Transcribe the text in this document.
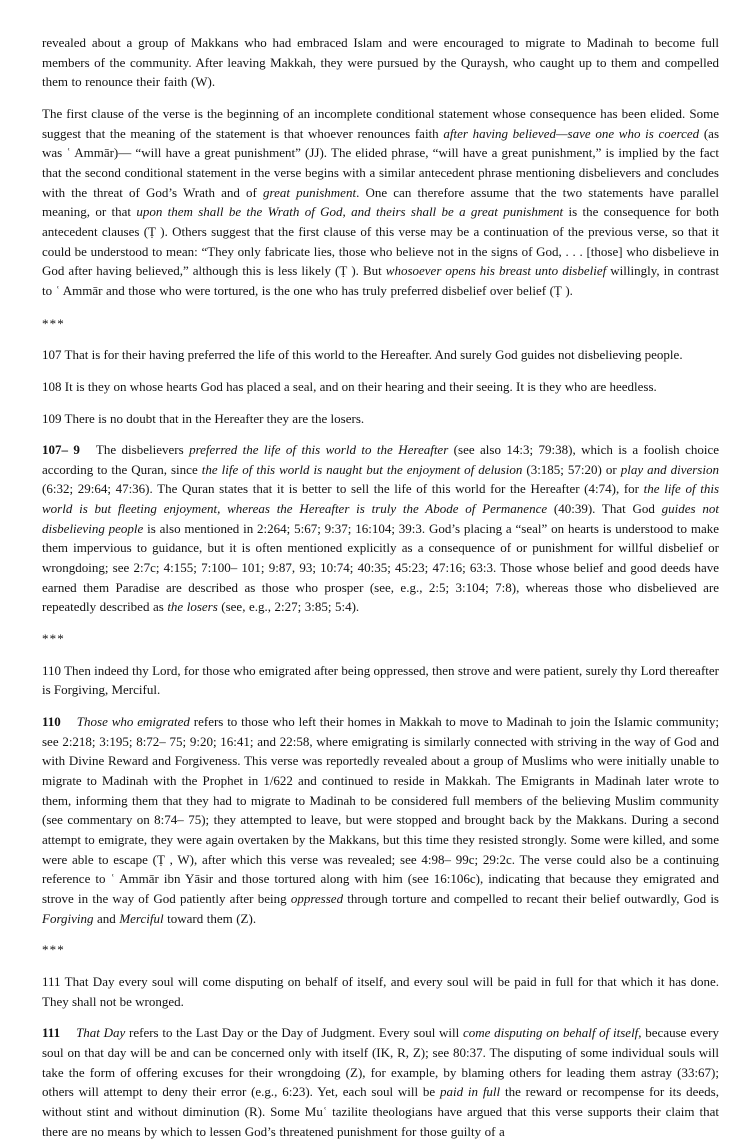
revealed about a group of Makkans who had embraced Islam and were encouraged to migrate to Madinah to become full members of the community. After leaving Makkah, they were pursued by the Quraysh, who caught up to them and compelled them to renounce their faith (W).

The first clause of the verse is the beginning of an incomplete conditional statement whose consequence has been elided. Some suggest that the meaning of the statement is that whoever renounces faith after having believed—save one who is coerced (as was ʿ Ammār)— “will have a great punishment” (JJ). The elided phrase, “will have a great punishment,” is implied by the fact that the second conditional statement in the verse begins with a similar antecedent phrase mentioning disbelievers and concludes with the threat of God’s Wrath and of great punishment. One can therefore assume that the two statements have parallel meaning, or that upon them shall be the Wrath of God, and theirs shall be a great punishment is the consequence for both antecedent clauses (Ṭ ). Others suggest that the first clause of this verse may be a continuation of the previous verse, so that it could be understood to mean: “They only fabricate lies, those who believe not in the signs of God, . . . [those] who disbelieve in God after having believed,” although this is less likely (Ṭ ). But whosoever opens his breast unto disbelief willingly, in contrast to ʿ Ammār and those who were tortured, is the one who has truly preferred disbelief over belief (Ṭ ).

***

107 That is for their having preferred the life of this world to the Hereafter. And surely God guides not disbelieving people.

108 It is they on whose hearts God has placed a seal, and on their hearing and their seeing. It is they who are heedless.

109 There is no doubt that in the Hereafter they are the losers.

107– 9 The disbelievers preferred the life of this world to the Hereafter (see also 14:3; 79:38), which is a foolish choice according to the Quran, since the life of this world is naught but the enjoyment of delusion (3:185; 57:20) or play and diversion (6:32; 29:64; 47:36). The Quran states that it is better to sell the life of this world for the Hereafter (4:74), for the life of this world is but fleeting enjoyment, whereas the Hereafter is truly the Abode of Permanence (40:39). That God guides not disbelieving people is also mentioned in 2:264; 5:67; 9:37; 16:104; 39:3. God’s placing a “seal” on hearts is understood to make them impervious to guidance, but it is often mentioned explicitly as a consequence of or punishment for willful disbelief or wrongdoing; see 2:7c; 4:155; 7:100– 101; 9:87, 93; 10:74; 40:35; 45:23; 47:16; 63:3. Those whose belief and good deeds have earned them Paradise are described as those who prosper (see, e.g., 2:5; 3:104; 7:8), whereas those who disbelieved are repeatedly described as the losers (see, e.g., 2:27; 3:85; 5:4).

***

110 Then indeed thy Lord, for those who emigrated after being oppressed, then strove and were patient, surely thy Lord thereafter is Forgiving, Merciful.

110 Those who emigrated refers to those who left their homes in Makkah to move to Madinah to join the Islamic community; see 2:218; 3:195; 8:72– 75; 9:20; 16:41; and 22:58, where emigrating is similarly connected with striving in the way of God and with Divine Reward and Forgiveness. This verse was reportedly revealed about a group of Muslims who were initially unable to migrate to Madinah with the Prophet in 1/622 and continued to reside in Makkah. The Emigrants in Madinah later wrote to them, informing them that they had to migrate to Madinah to be considered full members of the believing Muslim community (see commentary on 8:74– 75); they attempted to leave, but were stopped and brought back by the Makkans. During a second attempt to emigrate, they were again overtaken by the Makkans, but this time they resisted strongly. Some were killed, and some were able to escape (Ṭ , W), after which this verse was revealed; see 4:98– 99c; 29:2c. The verse could also be a continuing reference to ʿ Ammār ibn Yāsir and those tortured along with him (see 16:106c), indicating that because they emigrated and strove in the way of God patiently after being oppressed through torture and compelled to recant their belief outwardly, God is Forgiving and Merciful toward them (Z).

***

111 That Day every soul will come disputing on behalf of itself, and every soul will be paid in full for that which it has done. They shall not be wronged.

111 That Day refers to the Last Day or the Day of Judgment. Every soul will come disputing on behalf of itself, because every soul on that day will be and can be concerned only with itself (IK, R, Z); see 80:37. The disputing of some individual souls will take the form of offering excuses for their wrongdoing (Z), for example, by blaming others for leading them astray (33:67); others will attempt to deny their error (e.g., 6:23). Yet, each soul will be paid in full the reward or recompense for its deeds, without stint and without diminution (R). Some Muʿ tazilite theologians have argued that this verse supports their claim that there are no means by which to lessen God’s threatened punishment for those guilty of a
